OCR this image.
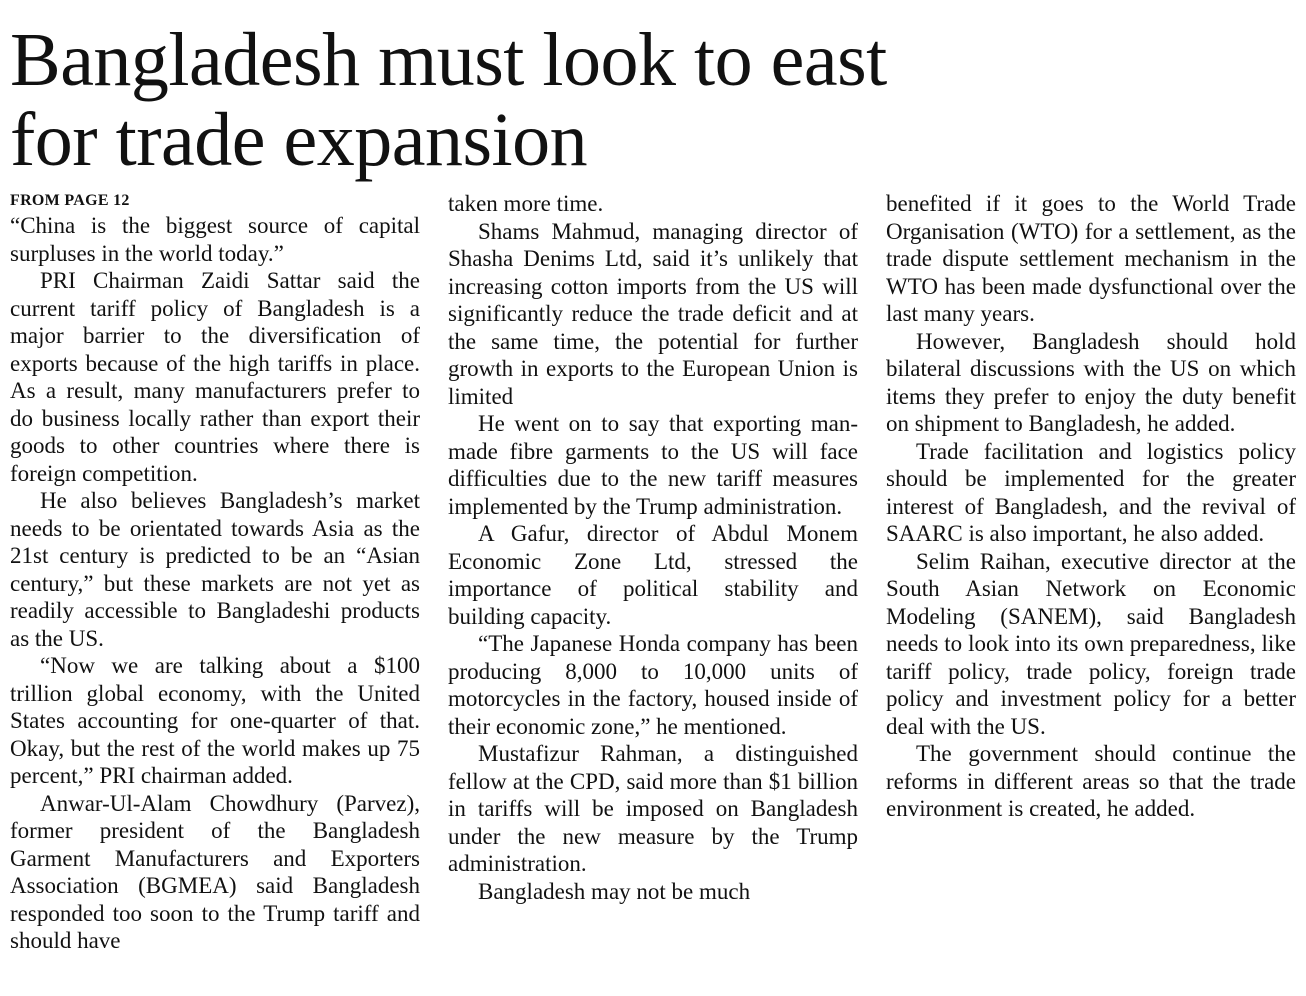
Bangladesh must look to east
for trade expansion
FROM PAGE 12

“China is the biggest source of capital surpluses in the world today.”

PRI Chairman Zaidi Sattar said the current tariff policy of Bangladesh is a major barrier to the diversification of exports because of the high tariffs in place. As a result, many manufacturers prefer to do business locally rather than export their goods to other countries where there is foreign competition.

He also believes Bangladesh’s market needs to be orientated towards Asia as the 21st century is predicted to be an “Asian century,” but these markets are not yet as readily accessible to Bangladeshi products as the US.

“Now we are talking about a $100 trillion global economy, with the United States accounting for one-quarter of that. Okay, but the rest of the world makes up 75 percent,” PRI chairman added.

Anwar-Ul-Alam Chowdhury (Parvez), former president of the Bangladesh Garment Manufacturers and Exporters Association (BGMEA) said Bangladesh responded too soon to the Trump tariff and should have

taken more time.

Shams Mahmud, managing director of Shasha Denims Ltd, said it’s unlikely that increasing cotton imports from the US will significantly reduce the trade deficit and at the same time, the potential for further growth in exports to the European Union is limited

He went on to say that exporting man-made fibre garments to the US will face difficulties due to the new tariff measures implemented by the Trump administration.

A Gafur, director of Abdul Monem Economic Zone Ltd, stressed the importance of political stability and building capacity.

“The Japanese Honda company has been producing 8,000 to 10,000 units of motorcycles in the factory, housed inside of their economic zone,” he mentioned.

Mustafizur Rahman, a distinguished fellow at the CPD, said more than $1 billion in tariffs will be imposed on Bangladesh under the new measure by the Trump administration.

Bangladesh may not be much

benefited if it goes to the World Trade Organisation (WTO) for a settlement, as the trade dispute settlement mechanism in the WTO has been made dysfunctional over the last many years.

However, Bangladesh should hold bilateral discussions with the US on which items they prefer to enjoy the duty benefit on shipment to Bangladesh, he added.

Trade facilitation and logistics policy should be implemented for the greater interest of Bangladesh, and the revival of SAARC is also important, he also added.

Selim Raihan, executive director at the South Asian Network on Economic Modeling (SANEM), said Bangladesh needs to look into its own preparedness, like tariff policy, trade policy, foreign trade policy and investment policy for a better deal with the US.

The government should continue the reforms in different areas so that the trade environment is created, he added.
